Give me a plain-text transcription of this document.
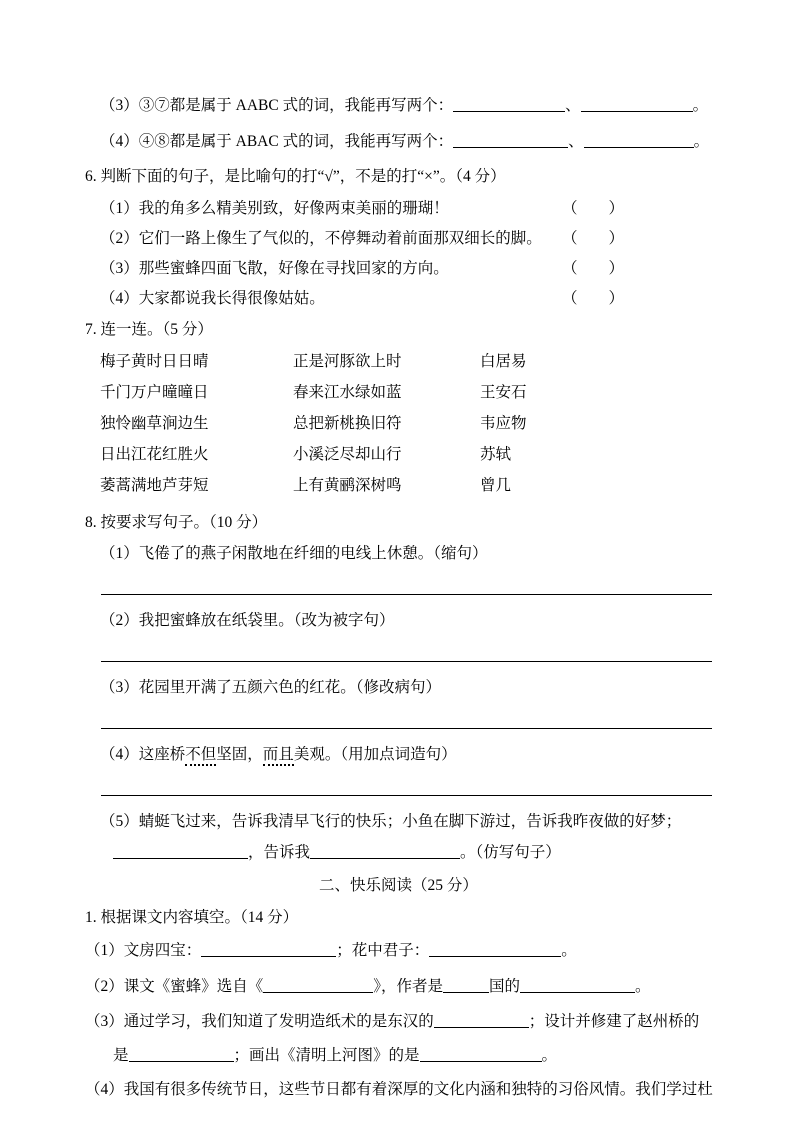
（3）③⑦都是属于 AABC 式的词，我能再写两个：	、	。
（4）④⑧都是属于 ABAC 式的词，我能再写两个：	、	。
6. 判断下面的句子，是比喻句的打“√”，不是的打“×”。（4 分）
（1）我的角多么精美别致，好像两束美丽的珊瑚！	（　　）
（2）它们一路上像生了气似的，不停舞动着前面那双细长的脚。 （　　）
（3）那些蜜蜂四面飞散，好像在寻找回家的方向。	（　　）
（4）大家都说我长得很像姑姑。	（　　）
7. 连一连。（5 分）
梅子黄时日日晴	正是河豚欲上时	白居易
千门万户曈曈日	春来江水绿如蓝	王安石
独怜幽草涧边生	总把新桃换旧符	韦应物
日出江花红胜火	小溪泛尽却山行	苏轼
萎蒿满地芦芽短	上有黄鹂深树鸣	曾几
8. 按要求写句子。（10 分）
（1）飞倦了的燕子闲散地在纤细的电线上休憩。（缩句）
（2）我把蜜蜂放在纸袋里。（改为被字句）
（3）花园里开满了五颜六色的红花。（修改病句）
（4）这座桥不但坚固，而且美观。（用加点词造句）
（5）蜻蜓飞过来，告诉我清早飞行的快乐；小鱼在脚下游过，告诉我昨夜做的好梦；
，告诉我	。（仿写句子）
二、快乐阅读（25 分）
1. 根据课文内容填空。（14 分）
（1）文房四宝：	；花中君子：	。
（2）课文《蜜蜂》选自《	》，作者是	国的	。
（3）通过学习，我们知道了发明造纸术的是东汉的	；设计并修建了赵州桥的
是	；画出《清明上河图》的是	。
（4）我国有很多传统节日，这些节日都有着深厚的文化内涵和独特的习俗风情。我们学过杜
